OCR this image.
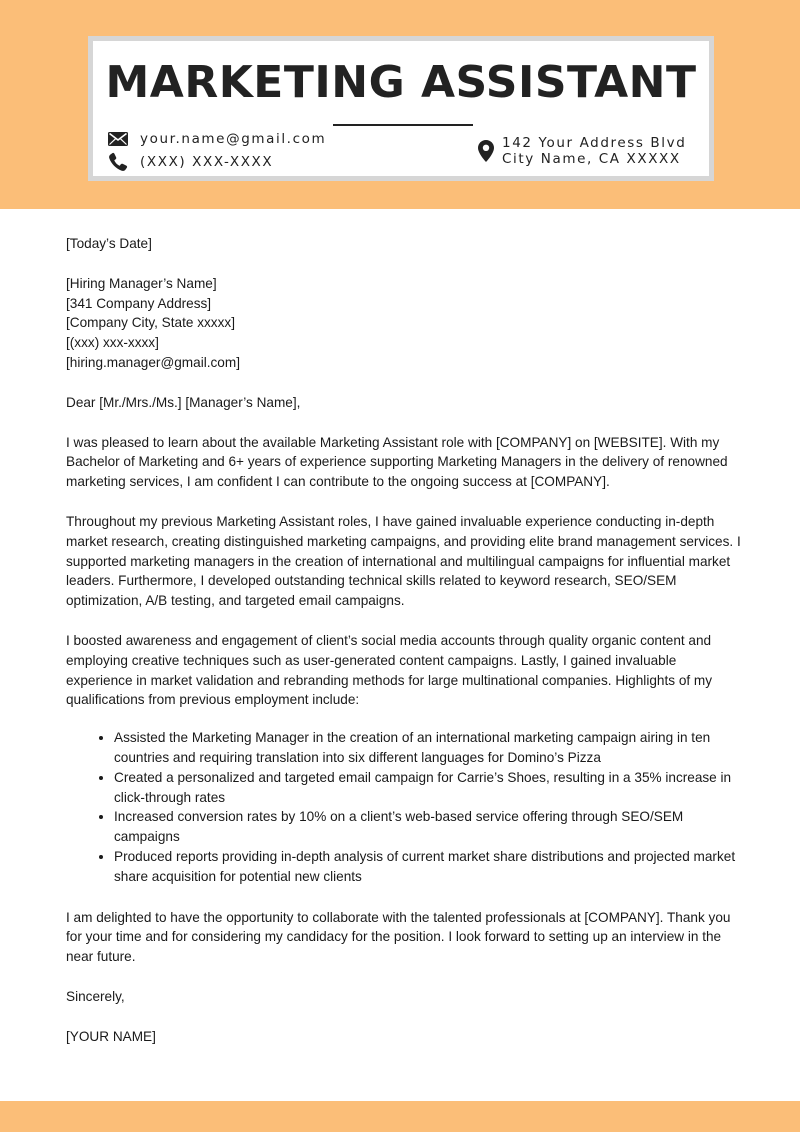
MARKETING ASSISTANT
your.name@gmail.com
(XXX) XXX-XXXX
142 Your Address Blvd
City Name, CA XXXXX

[Today’s Date]

[Hiring Manager’s Name]
[341 Company Address]
[Company City, State xxxxx]
[(xxx) xxx-xxxx]
[hiring.manager@gmail.com]

Dear [Mr./Mrs./Ms.] [Manager’s Name],

I was pleased to learn about the available Marketing Assistant role with [COMPANY] on [WEBSITE]. With my Bachelor of Marketing and 6+ years of experience supporting Marketing Managers in the delivery of renowned marketing services, I am confident I can contribute to the ongoing success at [COMPANY].

Throughout my previous Marketing Assistant roles, I have gained invaluable experience conducting in-depth market research, creating distinguished marketing campaigns, and providing elite brand management services. I supported marketing managers in the creation of international and multilingual campaigns for influential market leaders. Furthermore, I developed outstanding technical skills related to keyword research, SEO/SEM optimization, A/B testing, and targeted email campaigns.

I boosted awareness and engagement of client’s social media accounts through quality organic content and employing creative techniques such as user-generated content campaigns. Lastly, I gained invaluable experience in market validation and rebranding methods for large multinational companies. Highlights of my qualifications from previous employment include:

• Assisted the Marketing Manager in the creation of an international marketing campaign airing in ten countries and requiring translation into six different languages for Domino’s Pizza
• Created a personalized and targeted email campaign for Carrie’s Shoes, resulting in a 35% increase in click-through rates
• Increased conversion rates by 10% on a client’s web-based service offering through SEO/SEM campaigns
• Produced reports providing in-depth analysis of current market share distributions and projected market share acquisition for potential new clients

I am delighted to have the opportunity to collaborate with the talented professionals at [COMPANY]. Thank you for your time and for considering my candidacy for the position. I look forward to setting up an interview in the near future.

Sincerely,

[YOUR NAME]
